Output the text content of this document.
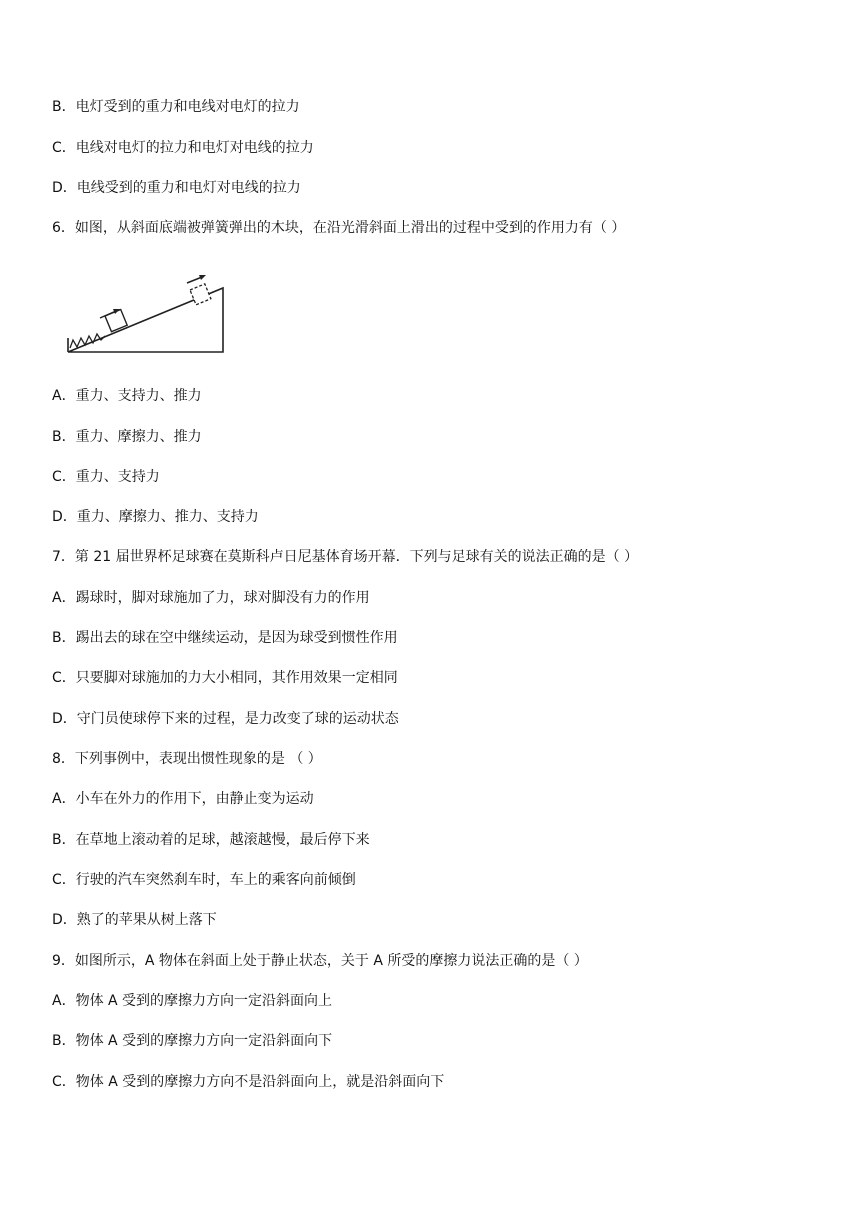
B．电灯受到的重力和电线对电灯的拉力
C．电线对电灯的拉力和电灯对电线的拉力
D．电线受到的重力和电灯对电线的拉力
6．如图，从斜面底端被弹簧弹出的木块，在沿光滑斜面上滑出的过程中受到的作用力有（ ）
A．重力、支持力、推力
B．重力、摩擦力、推力
C．重力、支持力
D．重力、摩擦力、推力、支持力
7．第 21 届世界杯足球赛在莫斯科卢日尼基体育场开幕．下列与足球有关的说法正确的是（ ）
A．踢球时，脚对球施加了力，球对脚没有力的作用
B．踢出去的球在空中继续运动，是因为球受到惯性作用
C．只要脚对球施加的力大小相同，其作用效果一定相同
D．守门员使球停下来的过程，是力改变了球的运动状态
8．下列事例中，表现出惯性现象的是 （ ）
A．小车在外力的作用下，由静止变为运动
B．在草地上滚动着的足球，越滚越慢，最后停下来
C．行驶的汽车突然刹车时，车上的乘客向前倾倒
D．熟了的苹果从树上落下
9．如图所示，A 物体在斜面上处于静止状态，关于 A 所受的摩擦力说法正确的是（ ）
A．物体 A 受到的摩擦力方向一定沿斜面向上
B．物体 A 受到的摩擦力方向一定沿斜面向下
C．物体 A 受到的摩擦力方向不是沿斜面向上，就是沿斜面向下
